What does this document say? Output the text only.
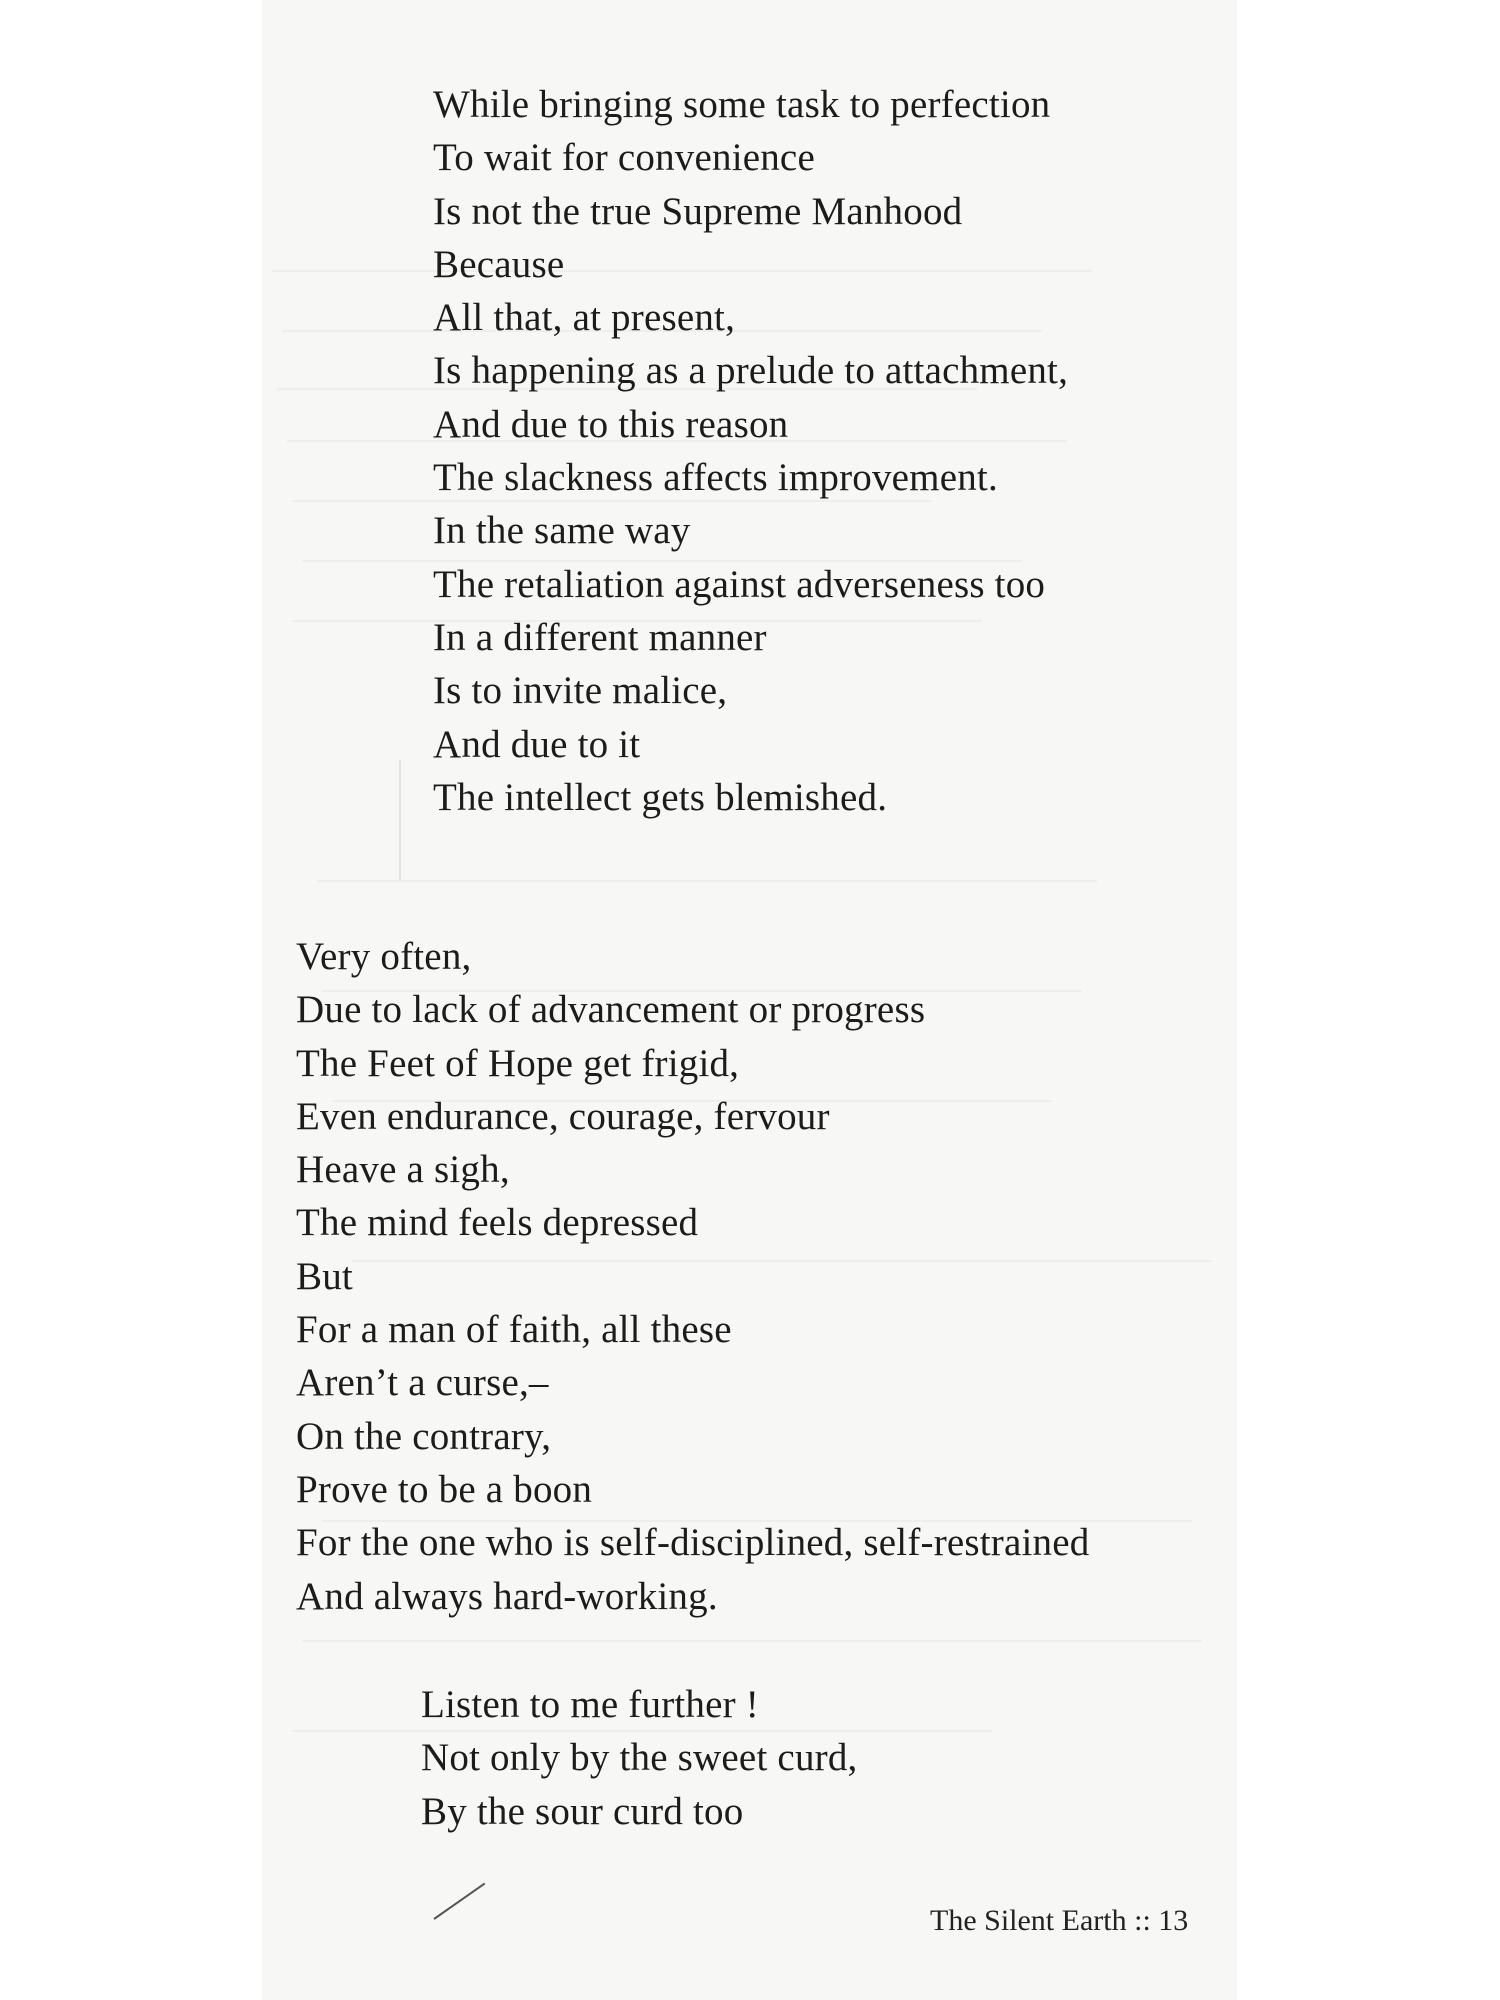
While bringing some task to perfection
To wait for convenience
Is not the true Supreme Manhood
Because
All that, at present,
Is happening as a prelude to attachment,
And due to this reason
The slackness affects improvement.
In the same way
The retaliation against adverseness too
In a different manner
Is to invite malice,
And due to it
The intellect gets blemished.
Very often,
Due to lack of advancement or progress
The Feet of Hope get frigid,
Even endurance, courage, fervour
Heave a sigh,
The mind feels depressed
But
For a man of faith, all these
Aren’t a curse,–
On the contrary,
Prove to be a boon
For the one who is self-disciplined, self-restrained
And always hard-working.
Listen to me further !
Not only by the sweet curd,
By the sour curd too
The Silent Earth :: 13
